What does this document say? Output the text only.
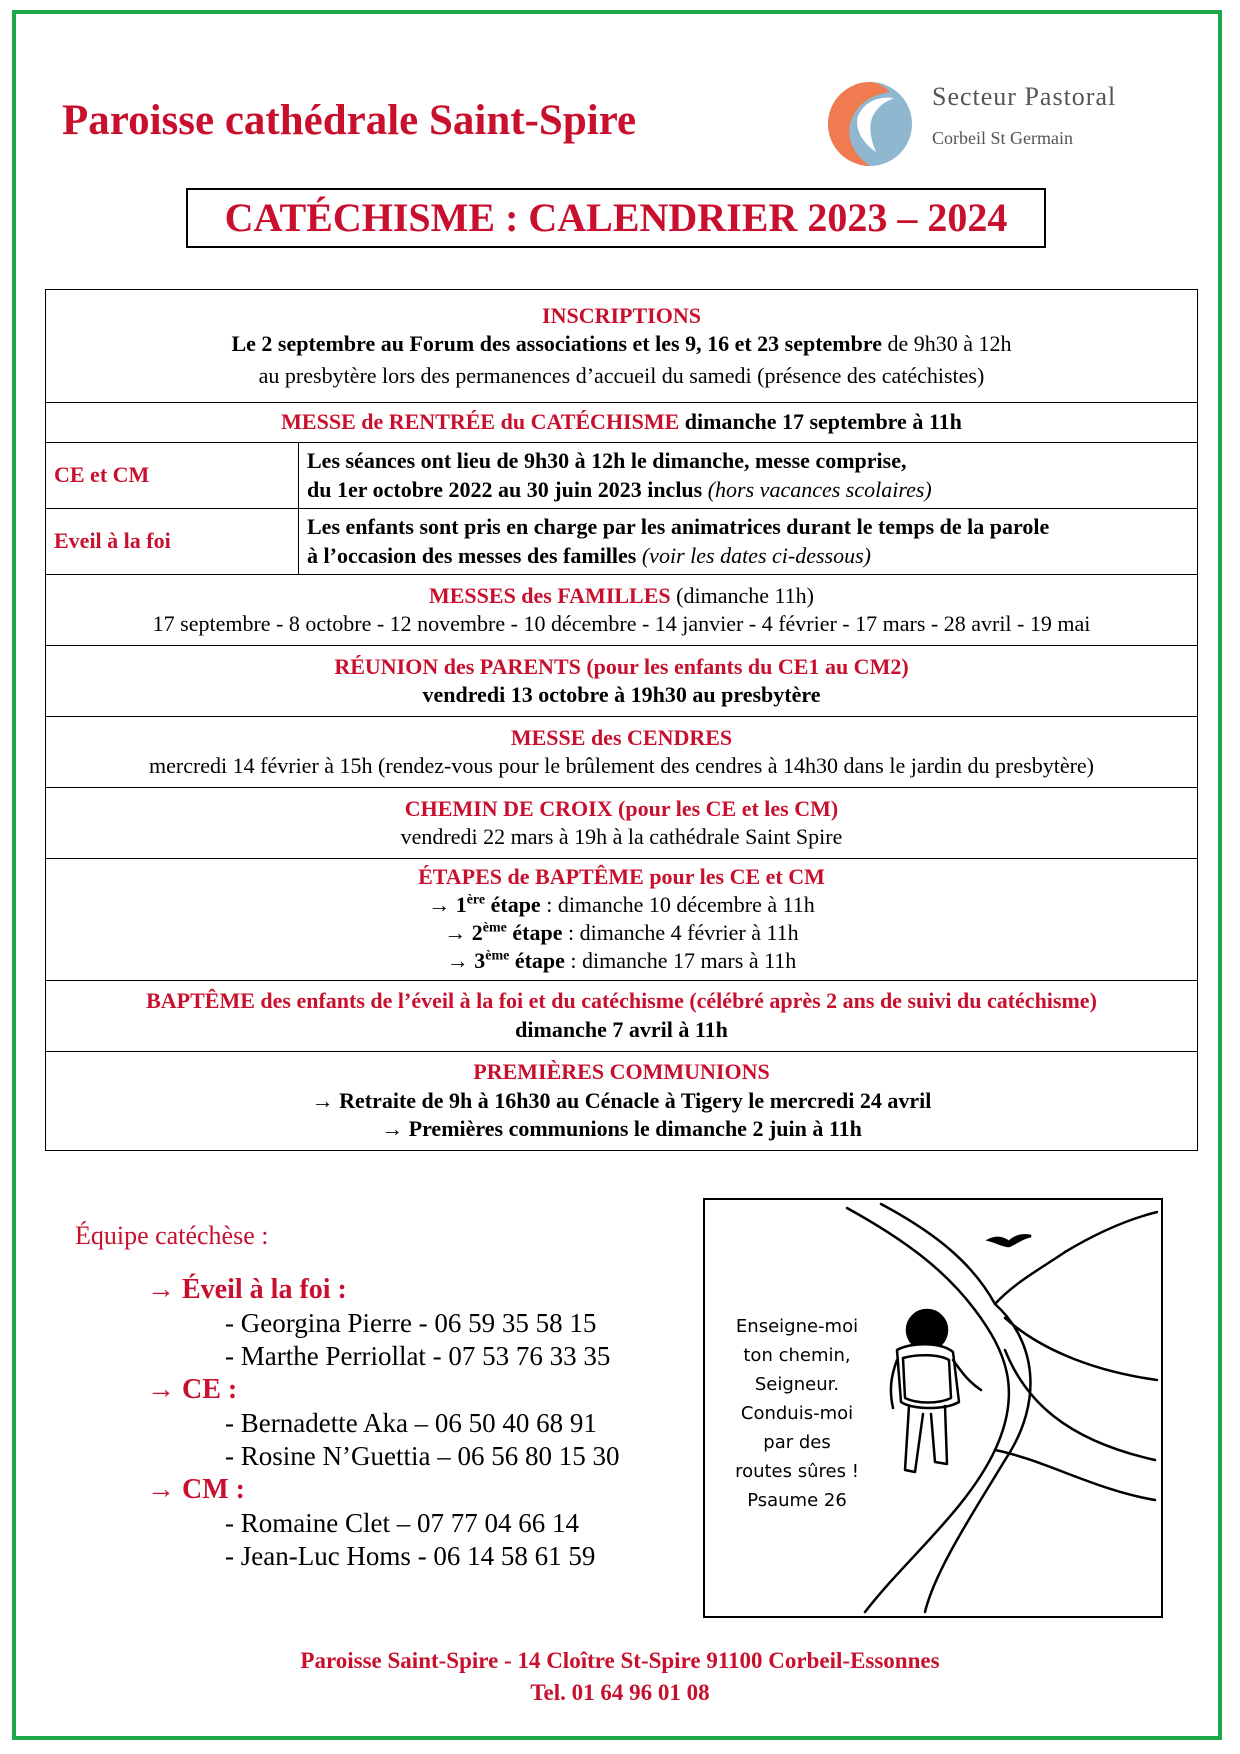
Paroisse cathédrale Saint-Spire
Secteur Pastoral
Corbeil St Germain
CATÉCHISME : CALENDRIER 2023 – 2024
INSCRIPTIONS
Le 2 septembre au Forum des associations et les 9, 16 et 23 septembre de 9h30 à 12h
au presbytère lors des permanences d’accueil du samedi (présence des catéchistes)	

MESSE de RENTRÉE du CATÉCHISME dimanche 17 septembre à 11h	
CE et CM	Les séances ont lieu de 9h30 à 12h le dimanche, messe comprise,
du 1er octobre 2022 au 30 juin 2023 inclus (hors vacances scolaires)

Eveil à la foi	Les enfants sont pris en charge par les animatrices durant le temps de la parole
à l’occasion des messes des familles (voir les dates ci-dessous)

MESSES des FAMILLES (dimanche 11h)
17 septembre - 8 octobre - 12 novembre - 10 décembre - 14 janvier - 4 février - 17 mars - 28 avril - 19 mai	

RÉUNION des PARENTS (pour les enfants du CE1 au CM2)
vendredi 13 octobre à 19h30 au presbytère	

MESSE des CENDRES
mercredi 14 février à 15h (rendez-vous pour le brûlement des cendres à 14h30 dans le jardin du presbytère)	

CHEMIN DE CROIX (pour les CE et les CM)
vendredi 22 mars à 19h à la cathédrale Saint Spire	

ÉTAPES de BAPTÊME pour les CE et CM
→ 1ère étape : dimanche 10 décembre à 11h
→ 2ème étape : dimanche 4 février à 11h
→ 3ème étape : dimanche 17 mars à 11h	

BAPTÊME des enfants de l’éveil à la foi et du catéchisme (célébré après 2 ans de suivi du catéchisme)
dimanche 7 avril à 11h	

PREMIÈRES COMMUNIONS
→ Retraite de 9h à 16h30 au Cénacle à Tigery le mercredi 24 avril
→ Premières communions le dimanche 2 juin à 11h	
Équipe catéchèse :
→ Éveil à la foi :
- Georgina Pierre - 06 59 35 58 15
- Marthe Perriollat - 07 53 76 33 35
→ CE :
- Bernadette Aka – 06 50 40 68 91
- Rosine N’Guettia – 06 56 80 15 30
→ CM :
- Romaine Clet – 07 77 04 66 14
- Jean-Luc Homs - 06 14 58 61 59
Enseigne-moi
ton chemin,
Seigneur.
Conduis-moi
par des
routes sûres !
Psaume 26
Paroisse Saint-Spire - 14 Cloître St-Spire 91100 Corbeil-Essonnes
Tel. 01 64 96 01 08
